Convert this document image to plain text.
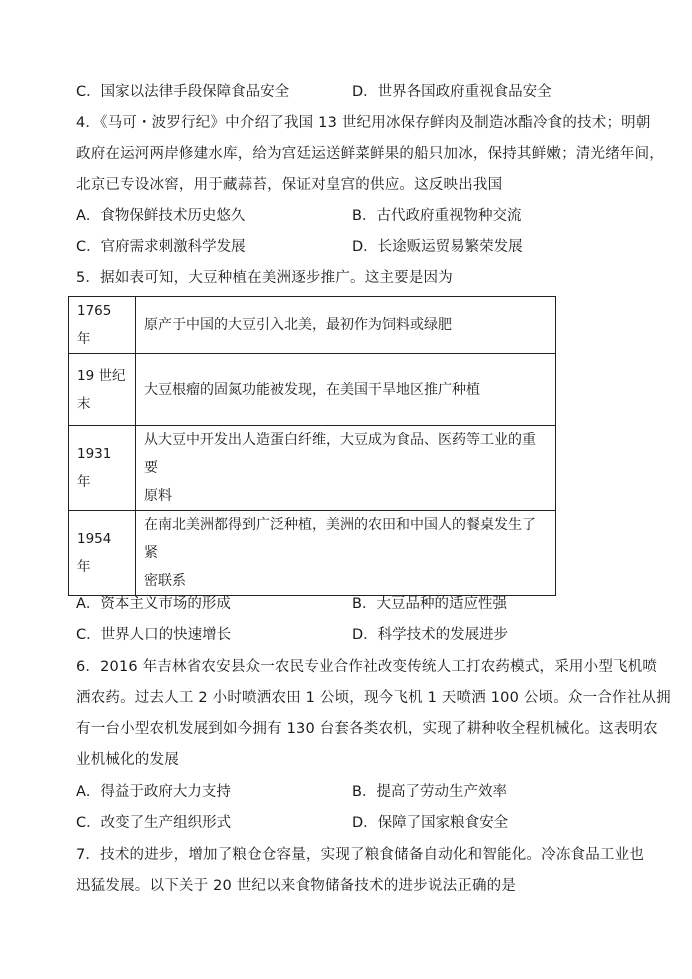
C．国家以法律手段保障食品安全	D．世界各国政府重视食品安全
4．《马可・波罗行纪》中介绍了我国 13 世纪用冰保存鲜肉及制造冰酯冷食的技术；明朝
政府在运河两岸修建水库，给为宫廷运送鲜菜鲜果的船只加冰，保持其鲜嫩；清光绪年间，
北京已专设冰窖，用于藏蒜苔，保证对皇宫的供应。这反映出我国
A．食物保鲜技术历史悠久	B．古代政府重视物种交流
C．官府需求刺激科学发展	D．长途贩运贸易繁荣发展
5．据如表可知，大豆种植在美洲逐步推广。这主要是因为
1765 年	原产于中国的大豆引入北美，最初作为饲料或绿肥

19 世纪
末	大豆根瘤的固氮功能被发现，在美国干旱地区推广种植
1931 年	从大豆中开发出人造蛋白纤维，大豆成为食品、医药等工业的重要
原料

1954 年	在南北美洲都得到广泛种植，美洲的农田和中国人的餐桌发生了紧
密联系
A．资本主义市场的形成	B．大豆品种的适应性强
C．世界人口的快速增长	D．科学技术的发展进步
6．2016 年吉林省农安县众一农民专业合作社改变传统人工打农药模式，采用小型飞机喷
洒农药。过去人工 2 小时喷洒农田 1 公顷，现今飞机 1 天喷洒 100 公顷。众一合作社从拥
有一台小型农机发展到如今拥有 130 台套各类农机，实现了耕种收全程机械化。这表明农
业机械化的发展
A．得益于政府大力支持	B．提高了劳动生产效率
C．改变了生产组织形式	D．保障了国家粮食安全
7．技术的进步，增加了粮仓仓容量，实现了粮食储备自动化和智能化。冷冻食品工业也
迅猛发展。以下关于 20 世纪以来食物储备技术的进步说法正确的是
